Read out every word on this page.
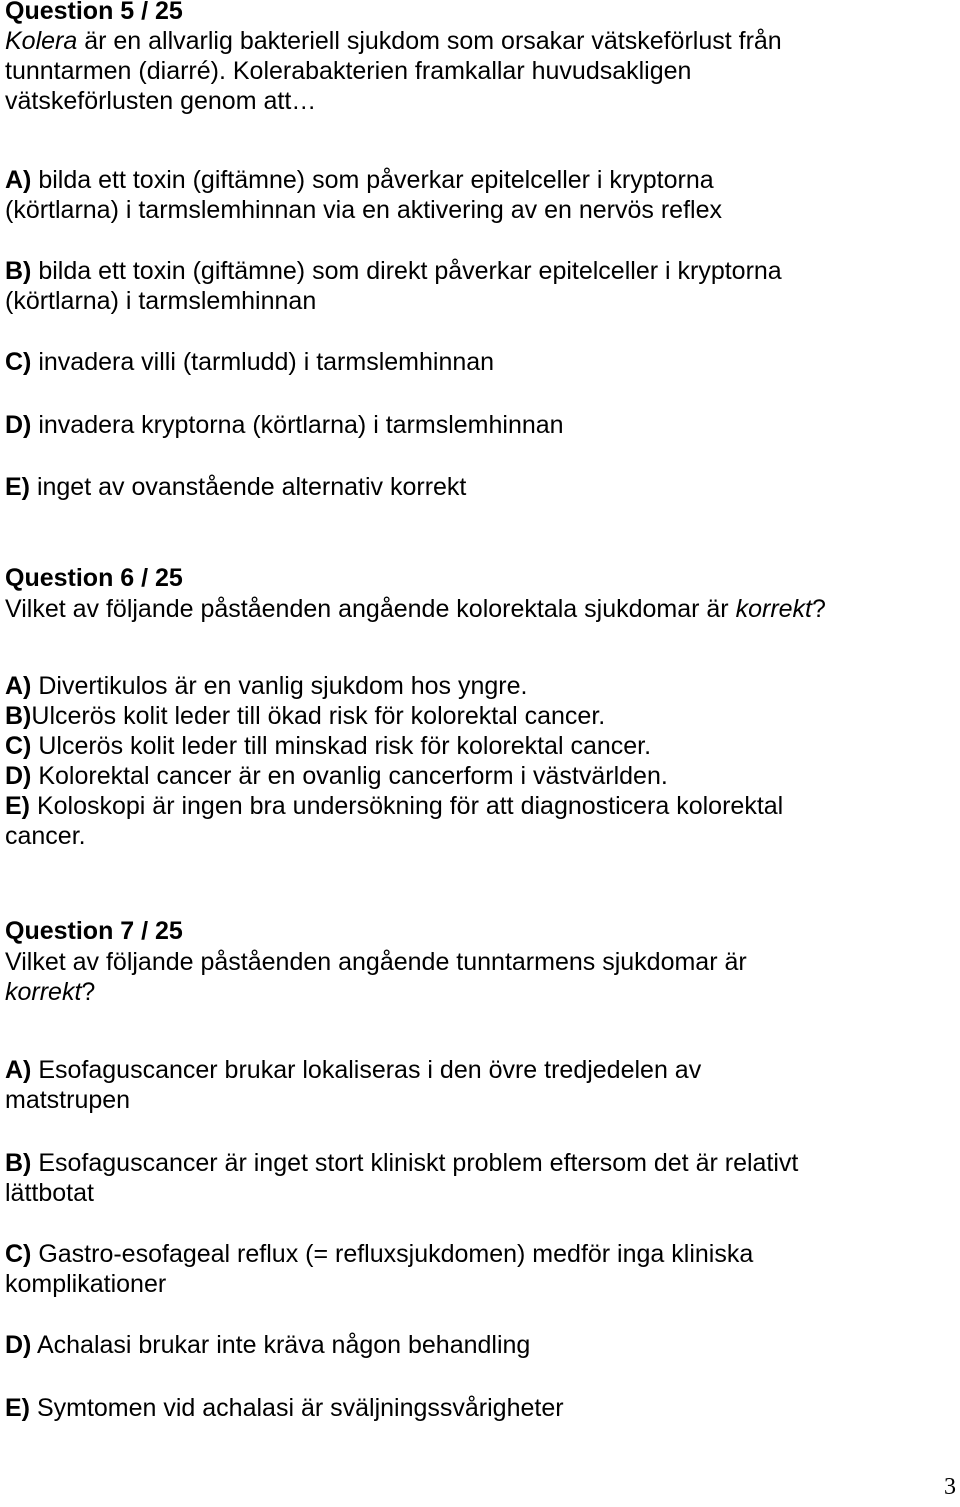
Question 5 / 25
Kolera är en allvarlig bakteriell sjukdom som orsakar vätskeförlust från
tunntarmen (diarré). Kolerabakterien framkallar huvudsakligen
vätskeförlusten genom att…
A) bilda ett toxin (giftämne) som påverkar epitelceller i kryptorna
(körtlarna) i tarmslemhinnan via en aktivering av en nervös reflex
B) bilda ett toxin (giftämne) som direkt påverkar epitelceller i kryptorna
(körtlarna) i tarmslemhinnan
C) invadera villi (tarmludd) i tarmslemhinnan
D) invadera kryptorna (körtlarna) i tarmslemhinnan
E) inget av ovanstående alternativ korrekt
Question 6 / 25
Vilket av följande påståenden angående kolorektala sjukdomar är korrekt?
A) Divertikulos är en vanlig sjukdom hos yngre.
B)Ulcerös kolit leder till ökad risk för kolorektal cancer.
C) Ulcerös kolit leder till minskad risk för kolorektal cancer.
D) Kolorektal cancer är en ovanlig cancerform i västvärlden.
E) Koloskopi är ingen bra undersökning för att diagnosticera kolorektal
cancer.
Question 7 / 25
Vilket av följande påståenden angående tunntarmens sjukdomar är
korrekt?
A) Esofaguscancer brukar lokaliseras i den övre tredjedelen av
matstrupen
B) Esofaguscancer är inget stort kliniskt problem eftersom det är relativt
lättbotat
C) Gastro-esofageal reflux (= refluxsjukdomen) medför inga kliniska
komplikationer
D) Achalasi brukar inte kräva någon behandling
E) Symtomen vid achalasi är sväljningssvårigheter
3
